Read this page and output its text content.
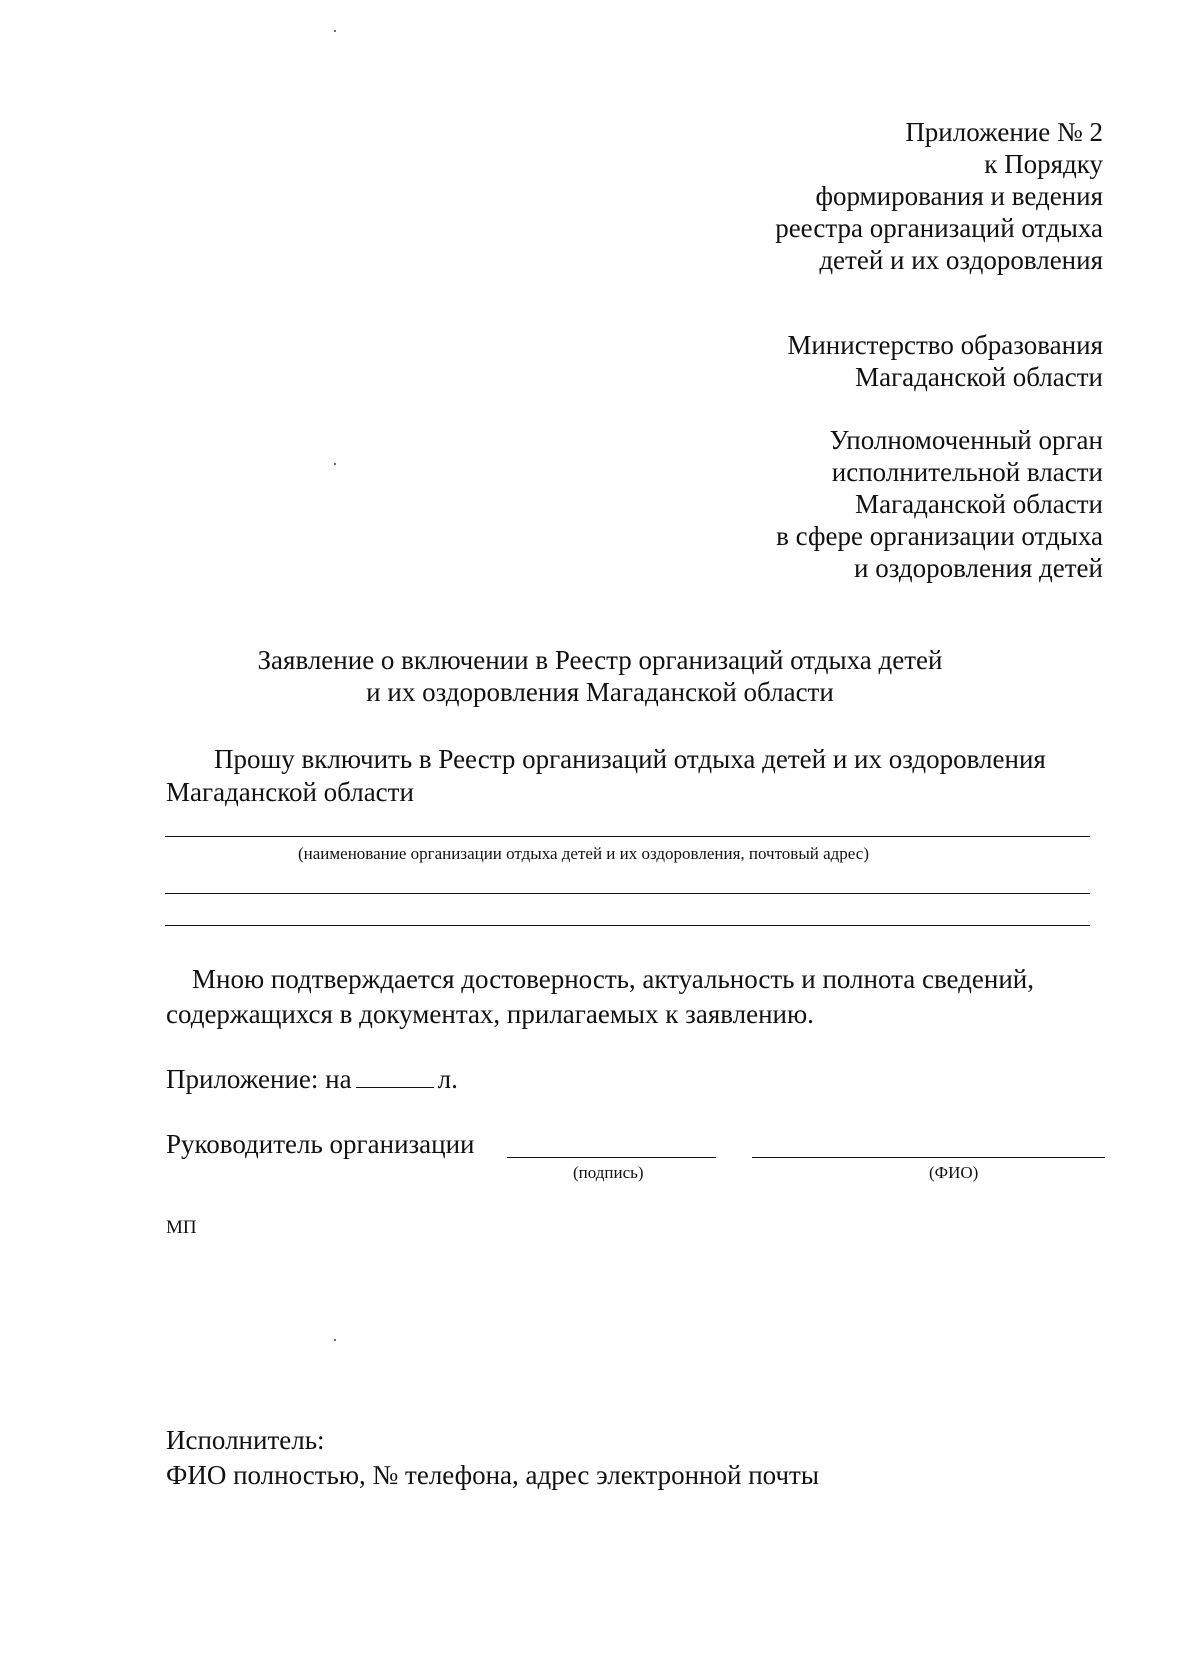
Приложение № 2
к Порядку
формирования и ведения
реестра организаций отдыха
детей и их оздоровления
Министерство образования
Магаданской области
Уполномоченный орган
исполнительной власти
Магаданской области
в сфере организации отдыха
и оздоровления детей
Заявление о включении в Реестр организаций отдыха детей
и их оздоровления Магаданской области
Прошу включить в Реестр организаций отдыха детей и их оздоровления
Магаданской области
(наименование организации отдыха детей и их оздоровления, почтовый адрес)
Мною подтверждается достоверность, актуальность и полнота сведений,
содержащихся в документах, прилагаемых к заявлению.
Приложение: на	л.
Руководитель организации
(подпись)	(ФИО)
МП
Исполнитель:
ФИО полностью, № телефона, адрес электронной почты
